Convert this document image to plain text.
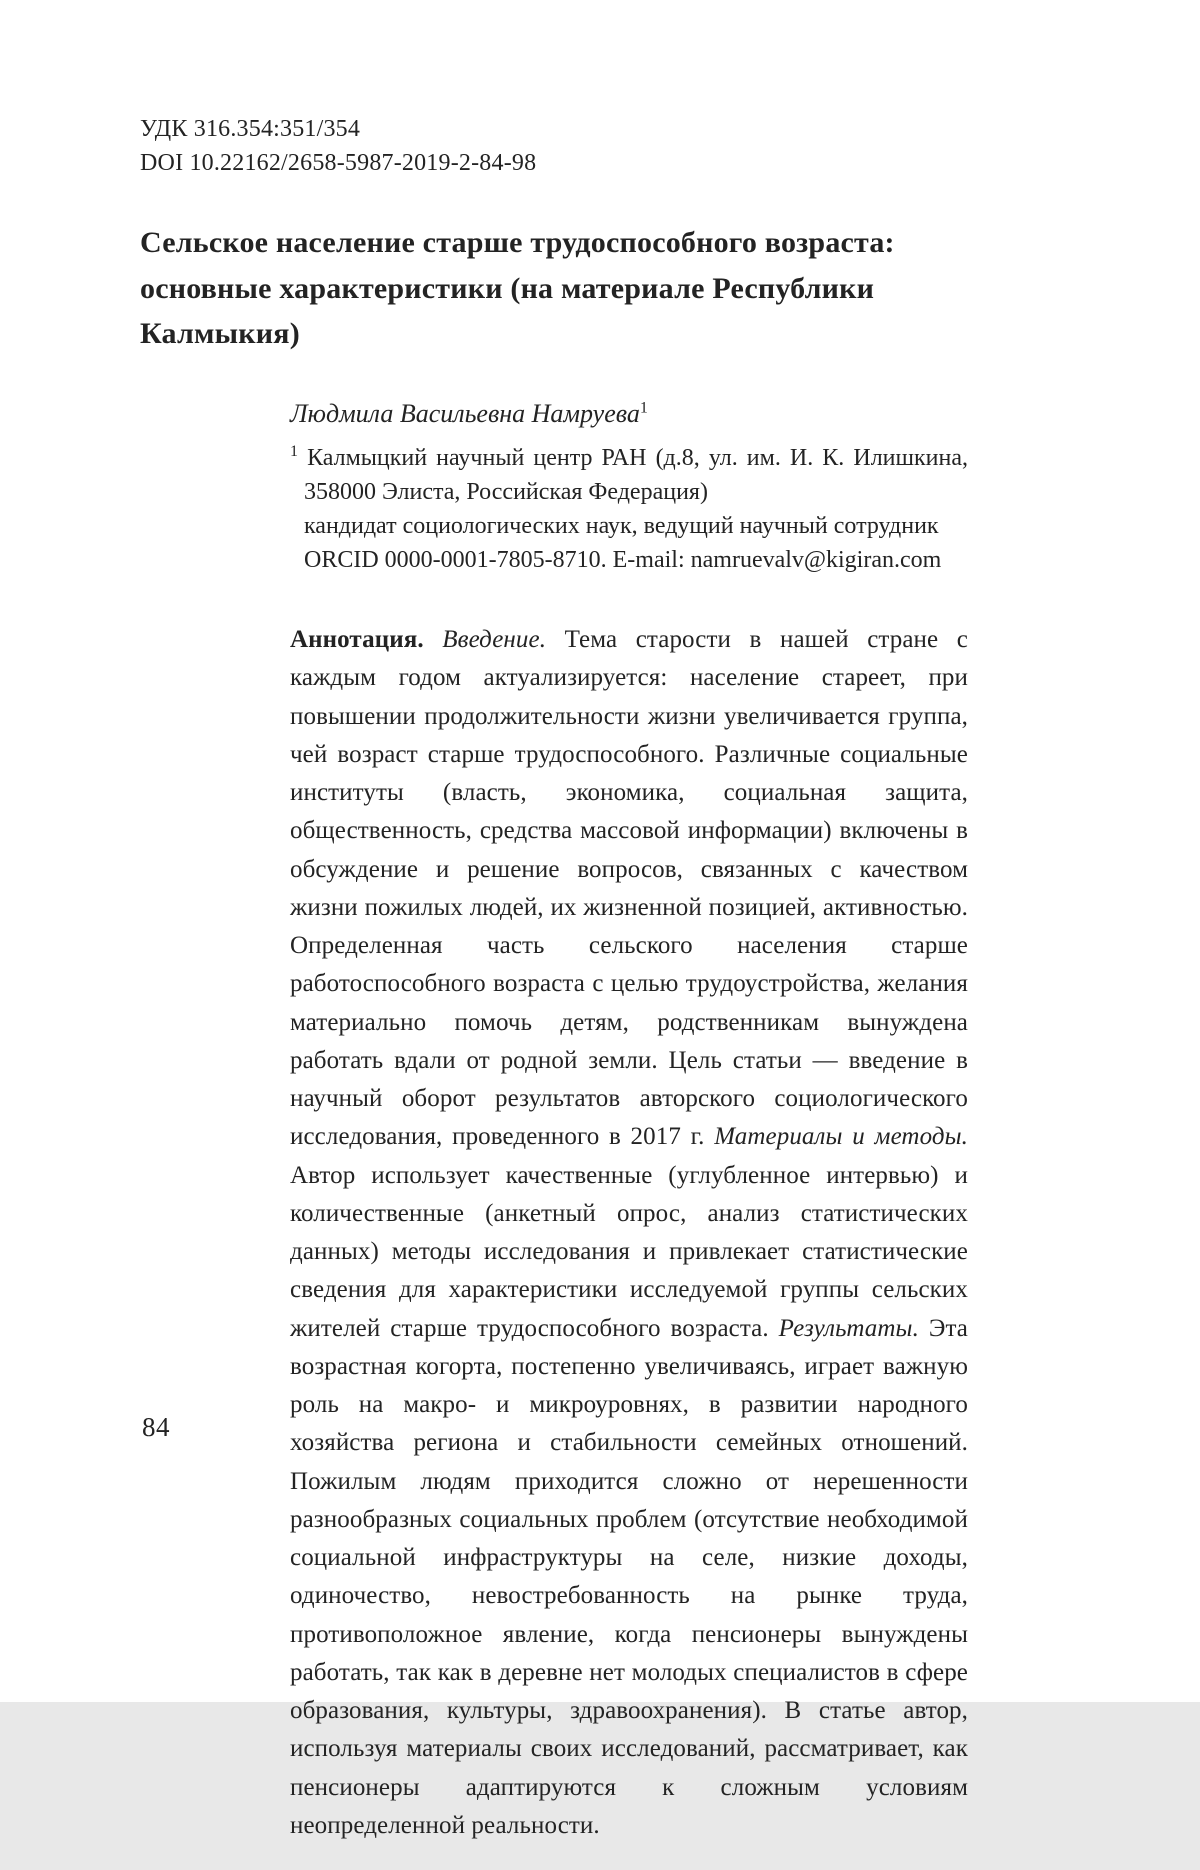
УДК 316.354:351/354
DOI 10.22162/2658-5987-2019-2-84-98
Сельское население старше трудоспособного возраста: основные характеристики (на материале Республики Калмыкия)
Людмила Васильевна Намруева$^1$

$^1$ Калмыцкий научный центр РАН (д.8, ул. им. И. К. Илишкина, 358000 Элиста, Российская Федерация)
кандидат социологических наук, ведущий научный сотрудник
ORCID 0000-0001-7805-8710. E-mail: namruevalv@kigiran.com

Аннотация. Введение. Тема старости в нашей стране с каждым годом актуализируется: население стареет, при повышении продолжительности жизни увеличивается группа, чей возраст старше трудоспособного. Различные социальные институты (власть, экономика, социальная защита, общественность, средства массовой информации) включены в обсуждение и решение вопросов, связанных с качеством жизни пожилых людей, их жизненной позицией, активностью. Определенная часть сельского населения старше работоспособного возраста с целью трудоустройства, желания материально помочь детям, родственникам вынуждена работать вдали от родной земли. Цель статьи — введение в научный оборот результатов авторского социологического исследования, проведенного в 2017 г. Материалы и методы. Автор использует качественные (углубленное интервью) и количественные (анкетный опрос, анализ статистических данных) методы исследования и привлекает статистические сведения для характеристики исследуемой группы сельских жителей старше трудоспособного возраста. Результаты. Эта возрастная когорта, постепенно увеличиваясь, играет важную роль на макро- и микроуровнях, в развитии народного хозяйства региона и стабильности семейных отношений. Пожилым людям приходится сложно от нерешенности разнообразных социальных проблем (отсутствие необходимой социальной инфраструктуры на селе, низкие доходы, одиночество, невостребованность на рынке труда, противоположное явление, когда пенсионеры вынуждены работать, так как в деревне нет молодых специалистов в сфере образования, культуры, здравоохранения). В статье автор, используя материалы своих исследований, рассматривает, как пенсионеры адаптируются к сложным условиям неопределенной реальности.

84
